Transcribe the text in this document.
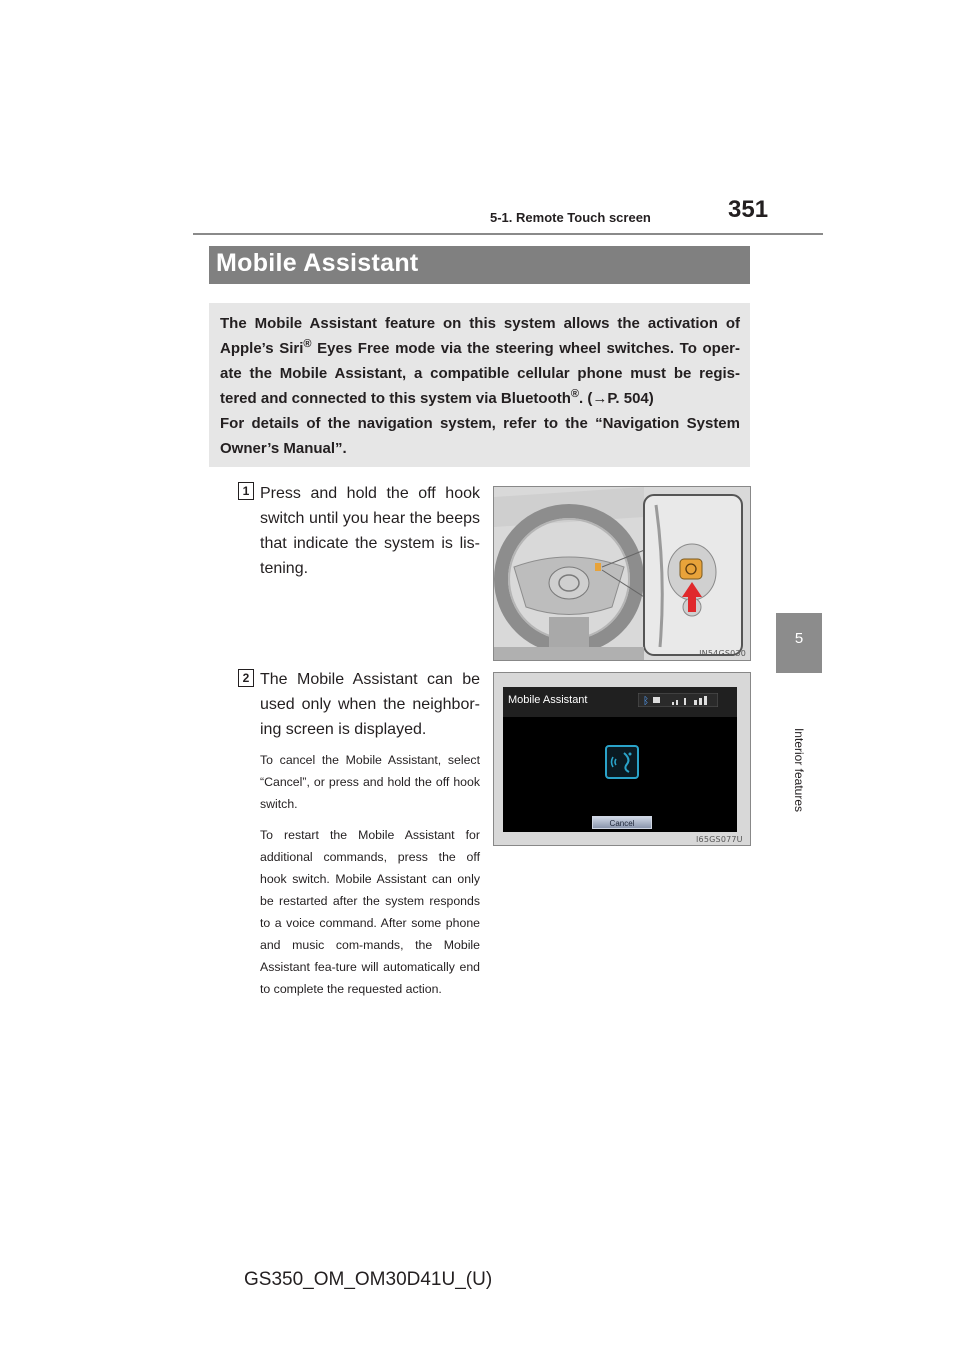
5-1. Remote Touch screen	351
5
Interior features
Mobile Assistant
The Mobile Assistant feature on this system allows the activation of Apple’s Siri® Eyes Free mode via the steering wheel switches. To oper-ate the Mobile Assistant, a compatible cellular phone must be regis-tered and connected to this system via Bluetooth®. (→P. 504)
For details of the navigation system, refer to the “Navigation System Owner’s Manual”.
1 Press and hold the off hook switch until you hear the beeps that indicate the system is lis-tening.
IN54GS030
2 The Mobile Assistant can be used only when the neighbor-ing screen is displayed.
To cancel the Mobile Assistant, select “Cancel”, or press and hold the off hook switch.
To restart the Mobile Assistant for additional commands, press the off hook switch. Mobile Assistant can only be restarted after the system responds to a voice command. After some phone and music com-mands, the Mobile Assistant fea-ture will automatically end to complete the requested action.
Mobile Assistant	ᛒ
Cancel
I65GS077U
GS350_OM_OM30D41U_(U)
